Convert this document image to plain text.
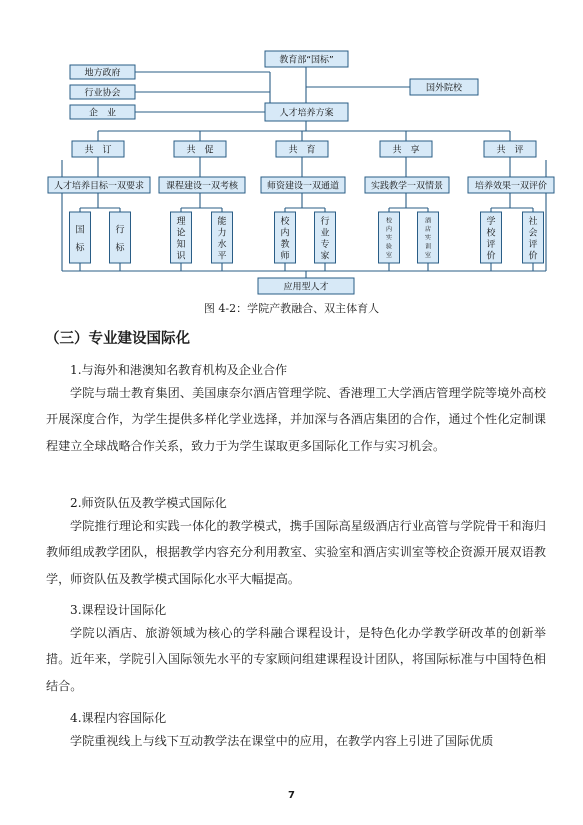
教育部“国标”
地方政府
行业协会
企　业
国外院校
人才培养方案
共　订	共　促	共　育	共　享	共　评
人才培养目标一双要求 课程建设一双考核	师资建设一双通道	实践教学一双情景	培养效果一双评价
国标
行标
理论知识
能力水平
校内教师
行业专家
校内实验室
酒店实训室
学校评价
社会评价
应用型人才
图 4-2：学院产教融合、双主体育人
（三）专业建设国际化
1.与海外和港澳知名教育机构及企业合作
学院与瑞士教育集团、美国康奈尔酒店管理学院、香港理工大学酒店管理学院等境外高校开展深度合作，为学生提供多样化学业选择，并加深与各酒店集团的合作，通过个性化定制课程建立全球战略合作关系，致力于为学生谋取更多国际化工作与实习机会。
2.师资队伍及教学模式国际化
学院推行理论和实践一体化的教学模式，携手国际高星级酒店行业高管与学院骨干和海归教师组成教学团队，根据教学内容充分利用教室、实验室和酒店实训室等校企资源开展双语教学，师资队伍及教学模式国际化水平大幅提高。
3.课程设计国际化
学院以酒店、旅游领域为核心的学科融合课程设计，是特色化办学教学研改革的创新举措。近年来，学院引入国际领先水平的专家顾问组建课程设计团队，将国际标准与中国特色相结合。
4.课程内容国际化
学院重视线上与线下互动教学法在课堂中的应用，在教学内容上引进了国际优质
7
